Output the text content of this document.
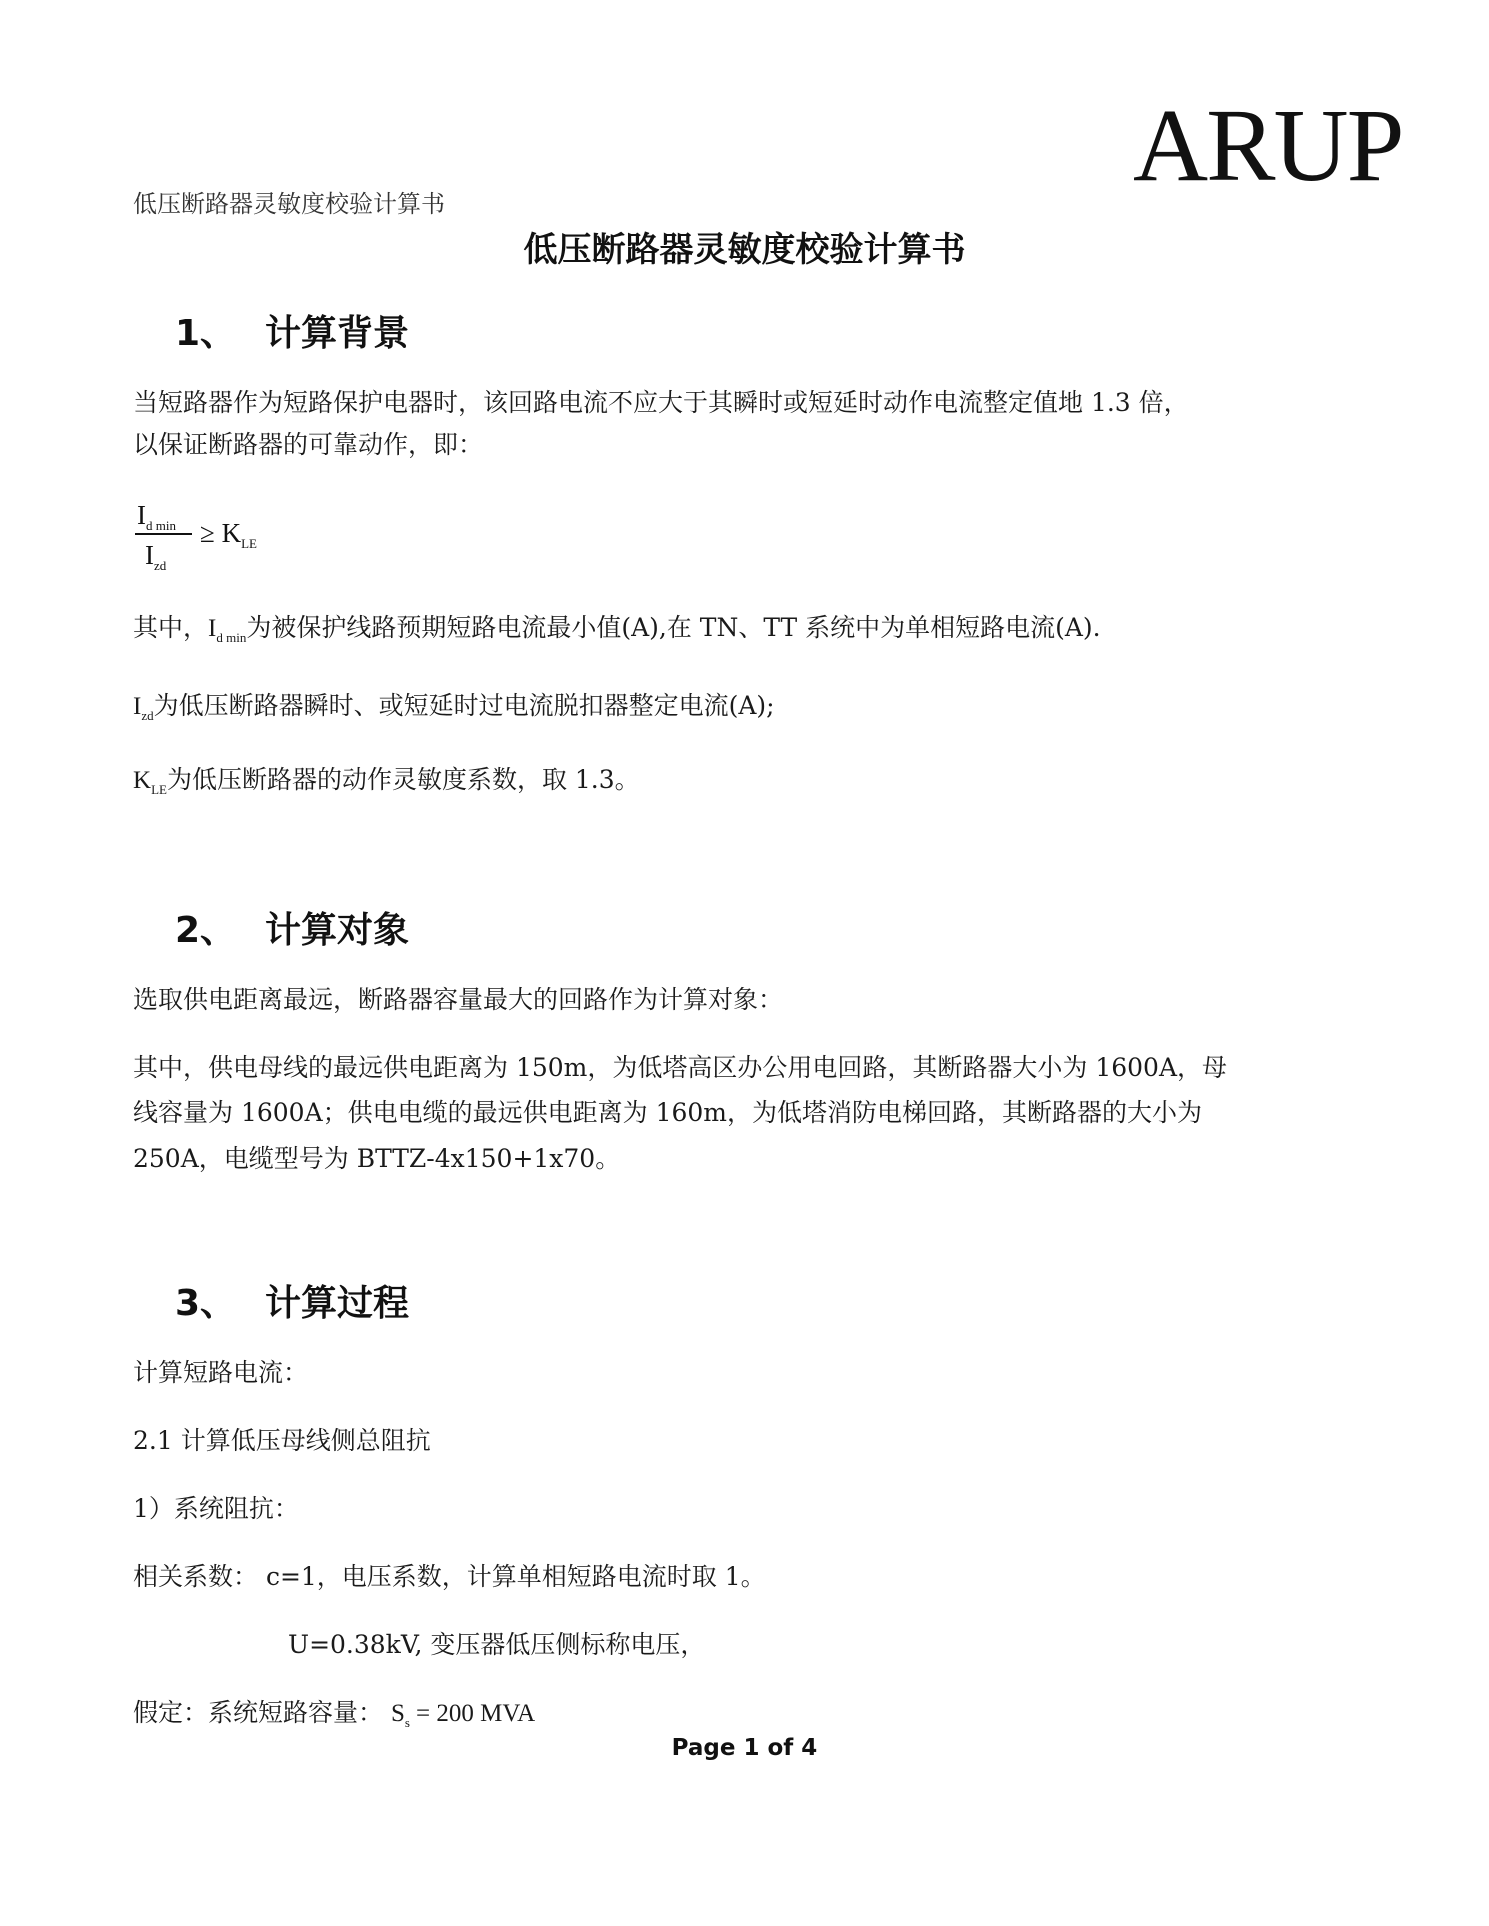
ARUP
低压断路器灵敏度校验计算书
低压断路器灵敏度校验计算书
1、 计算背景
当短路器作为短路保护电器时，该回路电流不应大于其瞬时或短延时动作电流整定值地 1.3 倍，
以保证断路器的可靠动作，即：
$I_{d min}$
$I_{zd}$
≥ $K_{LE}$
其中，$I_{d min}$为被保护线路预期短路电流最小值(A),在 TN、TT 系统中为单相短路电流(A).
$I_{zd}$为低压断路器瞬时、或短延时过电流脱扣器整定电流(A);
$K_{LE}$为低压断路器的动作灵敏度系数，取 1.3。
2、 计算对象
选取供电距离最远，断路器容量最大的回路作为计算对象：
其中，供电母线的最远供电距离为 150m，为低塔高区办公用电回路，其断路器大小为 1600A，母
线容量为 1600A；供电电缆的最远供电距离为 160m，为低塔消防电梯回路，其断路器的大小为
250A，电缆型号为 BTTZ-4x150+1x70。
3、 计算过程
计算短路电流：
2.1 计算低压母线侧总阻抗
1）系统阻抗：
相关系数： c=1，电压系数，计算单相短路电流时取 1。
U=0.38kV, 变压器低压侧标称电压，
假定：系统短路容量： $S_s = 200$ MVA
Page 1 of 4
